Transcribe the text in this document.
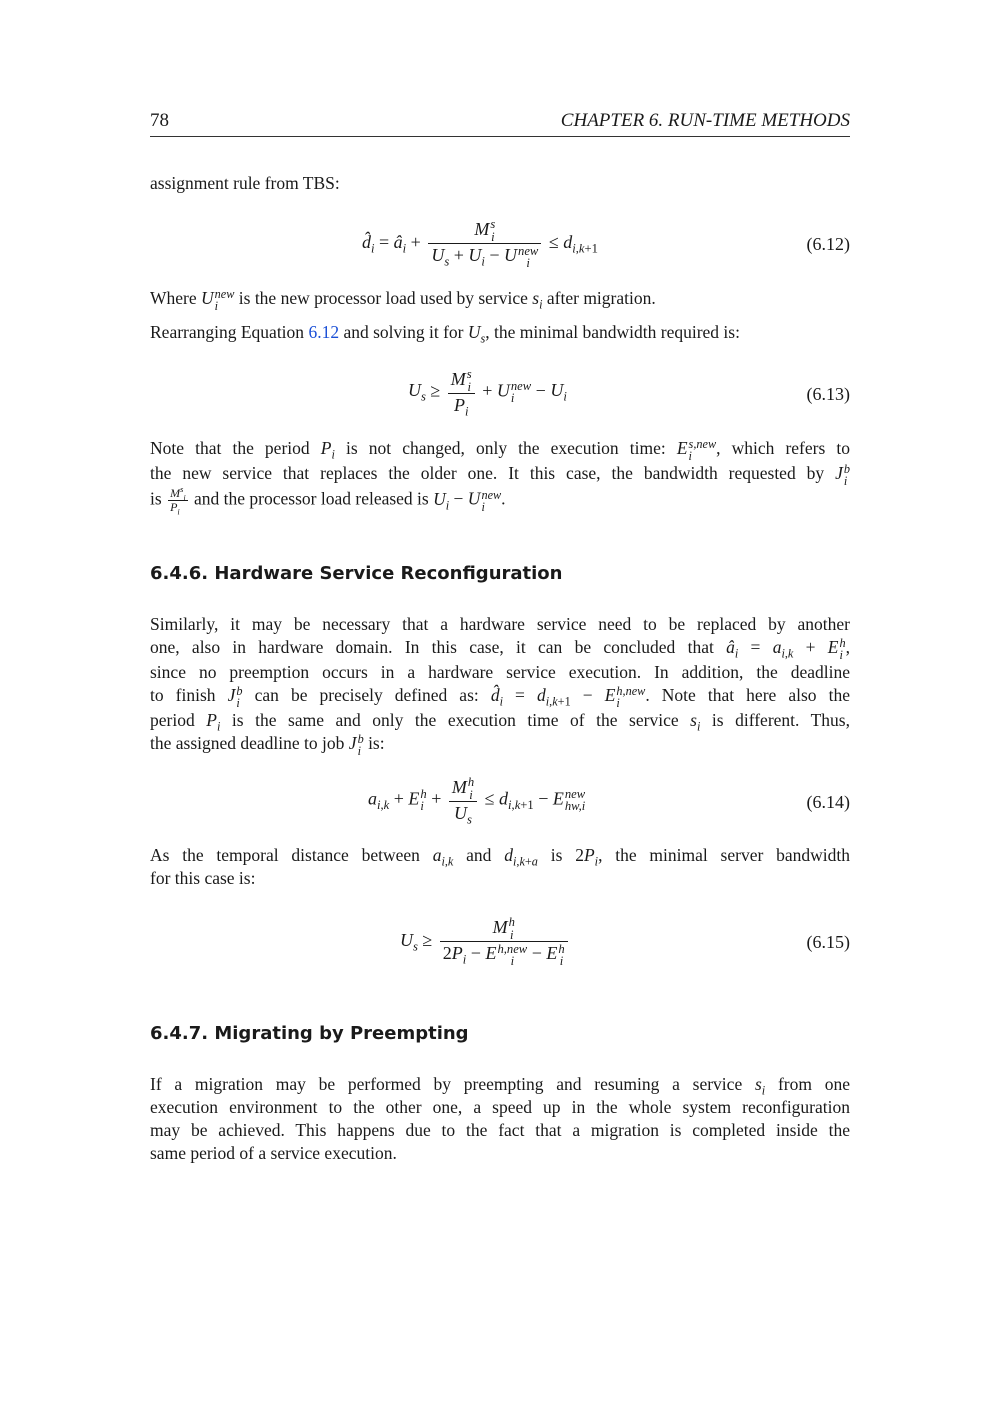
78	CHAPTER 6. RUN-TIME METHODS
assignment rule from TBS:
$d̂_i$ = $â_i + M$ s
i
$U_s + U_i - U$ new
$i \le d_{i,k+1}$	(6.12)
Where U new
i is the new processor load used by service $s_i$ after migration.
Rearranging Equation 6.12 and solving it for $U_s$, the minimal bandwidth required is:
$U_s \ge M$ s
i
$P_i + U$ new
$i - U_i$	(6.13)
Note that the period $P_i$ is not changed, only the execution time: E s,new
i	, which refers to
the new service that replaces the older one. It this case, the bandwidth requested by J b
i
is $M^s_i$
$P_i$
and the processor load released is $U_i - U$ new
i .
6.4.6. Hardware Service Reconfiguration
Similarly, it may be necessary that a hardware service need to be replaced by another
one, also in hardware domain. In this case, it can be concluded that $â_i = a_{i,k} + E$ h
i ,
since no preemption occurs in a hardware service execution. In addition, the deadline
to finish J b
i can be precisely defined as: $d̂_i = d_{i,k+1} - E$ h,new
i	. Note that here also the
period $P_i$ is the same and only the execution time of the service $s_i$ is different. Thus,
the assigned deadline to job J b
i is:
$a_{i,k} + E$ h
i + M h
i
$U_s \le d_{i,k+1} - E$ new
hw,i	(6.14)
As the temporal distance between $a_{i,k}$ and $d_{i,k+a}$ is $2P_i$, the minimal server bandwidth
for this case is:
$U_s \ge M$ h
i
$2P_i - E$ h,new
i − E h
i	(6.15)
6.4.7. Migrating by Preempting
If a migration may be performed by preempting and resuming a service $s_i$ from one
execution environment to the other one, a speed up in the whole system reconfiguration
may be achieved. This happens due to the fact that a migration is completed inside the
same period of a service execution.
